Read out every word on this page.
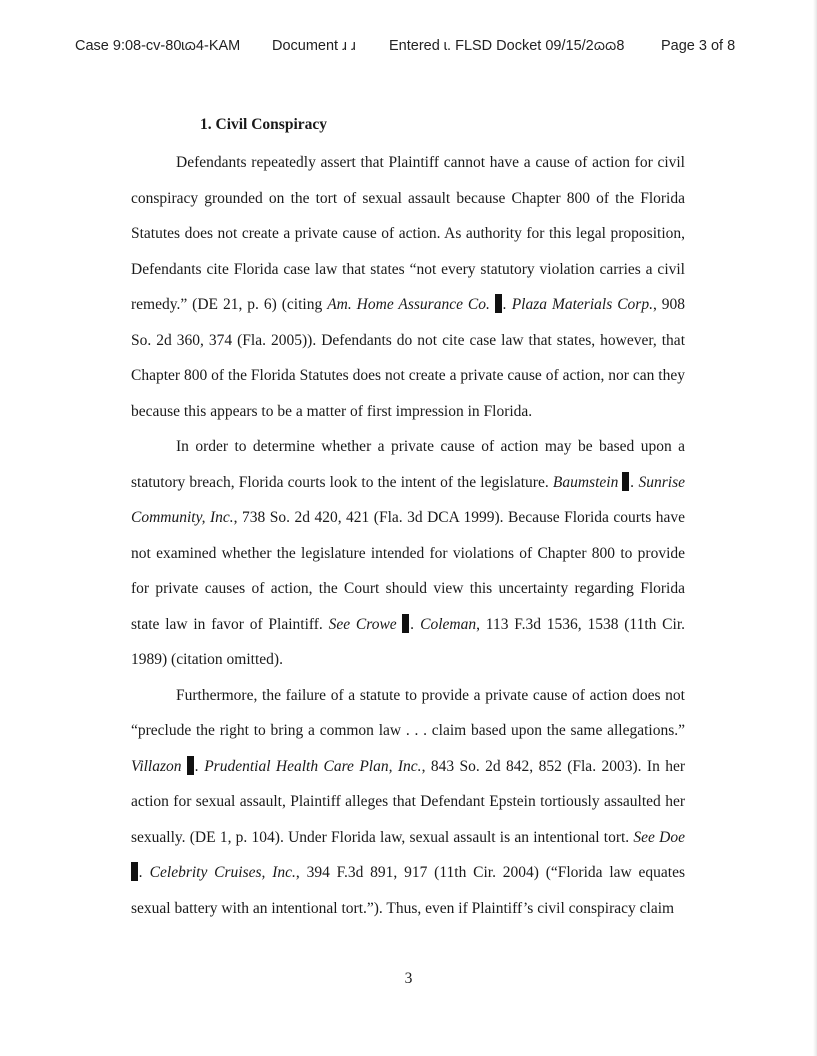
Case 9:08-cv-80ɩɷ4-KAM Document ɹ ɹ Entered ɩ. FLSD Docket 09/15/2ɷɷ8	Page 3 of 8
1. Civil Conspiracy

Defendants repeatedly assert that Plaintiff cannot have a cause of action for civil conspiracy grounded on the tort of sexual assault because Chapter 800 of the Florida Statutes does not create a private cause of action. As authority for this legal proposition, Defendants cite Florida case law that states “not every statutory violation carries a civil remedy.” (DE 21, p. 6) (citing Am. Home Assurance Co. . Plaza Materials Corp., 908 So. 2d 360, 374 (Fla. 2005)). Defendants do not cite case law that states, however, that Chapter 800 of the Florida Statutes does not create a private cause of action, nor can they because this appears to be a matter of first impression in Florida.

In order to determine whether a private cause of action may be based upon a statutory breach, Florida courts look to the intent of the legislature. Baumstein . Sunrise Community, Inc., 738 So. 2d 420, 421 (Fla. 3d DCA 1999). Because Florida courts have not examined whether the legislature intended for violations of Chapter 800 to provide for private causes of action, the Court should view this uncertainty regarding Florida state law in favor of Plaintiff. See Crowe . Coleman, 113 F.3d 1536, 1538 (11th Cir. 1989) (citation omitted).

Furthermore, the failure of a statute to provide a private cause of action does not “preclude the right to bring a common law . . . claim based upon the same allegations.” Villazon . Prudential Health Care Plan, Inc., 843 So. 2d 842, 852 (Fla. 2003). In her action for sexual assault, Plaintiff alleges that Defendant Epstein tortiously assaulted her sexually. (DE 1, p. 104). Under Florida law, sexual assault is an intentional tort. See Doe . Celebrity Cruises, Inc., 394 F.3d 891, 917 (11th Cir. 2004) (“Florida law equates sexual battery with an intentional tort.”). Thus, even if Plaintiff’s civil conspiracy claim

3
